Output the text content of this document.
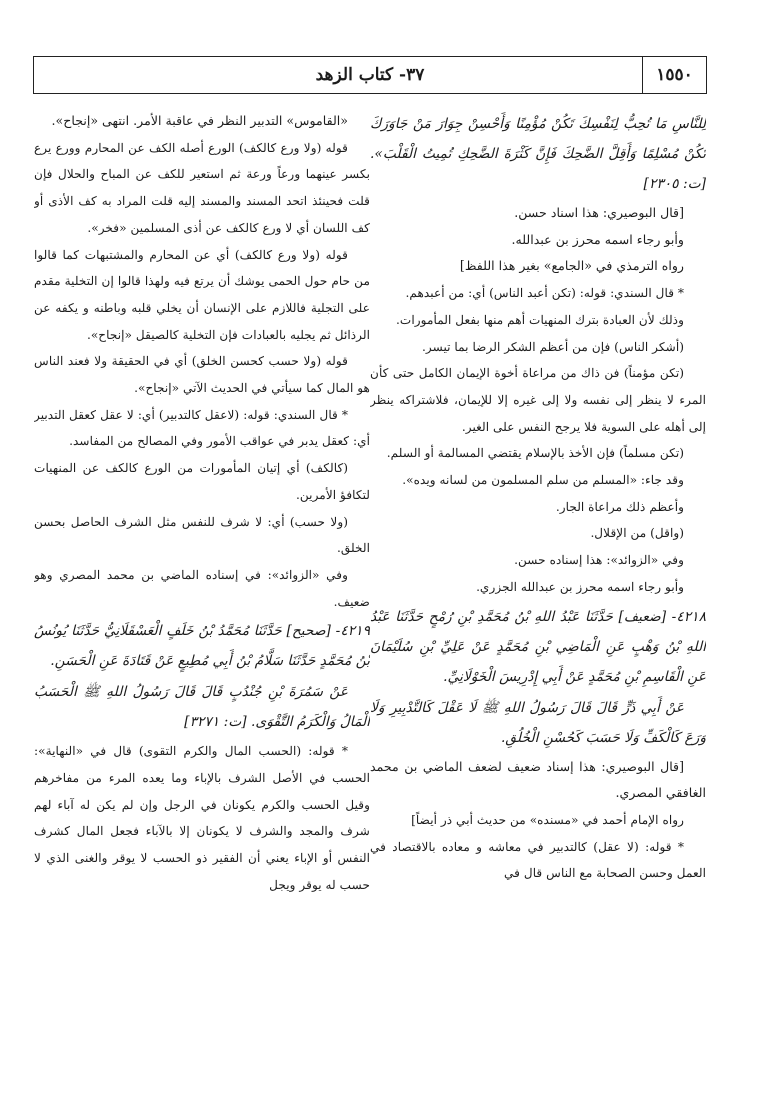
١٥٥٠
٣٧- كتاب الزهد

لِلنَّاسِ مَا تُحِبُّ لِنَفْسِكَ تَكُنْ مُؤْمِنًا وَأَحْسِنْ جِوَارَ مَنْ جَاوَرَكَ تَكُنْ مُسْلِمًا وَأَقِلَّ الضَّحِكَ فَإِنَّ كَثْرَةَ الضَّحِكِ تُمِيتُ الْقَلْبَ». [ت: ٢٣٠٥]

[قال البوصيري: هذا اسناد حسن.

وأبو رجاء اسمه محرز بن عبدالله.

رواه الترمذي في «الجامع» بغير هذا اللفظ]

* قال السندي: قوله: (تكن أعبد الناس) أي: من أعبدهم.

وذلك لأن العبادة بترك المنهيات أهم منها بفعل المأمورات.

(أشكر الناس) فإن من أعظم الشكر الرضا بما تيسر.

(تكن مؤمناً) فن ذاك من مراعاة أخوة الإيمان الكامل حتى كأن المرء لا ينظر إلى نفسه ولا إلى غيره إلا للإيمان، فلاشتراكه ينظر إلى أهله على السوية فلا يرجح النفس على الغير.

(تكن مسلماً) فإن الأخذ بالإسلام يقتضي المسالمة أو السلم.

وقد جاء: «المسلم من سلم المسلمون من لسانه ويده».

وأعظم ذلك مراعاة الجار.

(واقل) من الإقلال.

وفي «الزوائد»: هذا إسناده حسن.

وأبو رجاء اسمه محرز بن عبدالله الجزري.

٤٢١٨- [ضعيف] حَدَّثَنَا عَبْدُ اللهِ بْنُ مُحَمَّدِ بْنِ رُمْحٍ حَدَّثَنَا عَبْدُ اللهِ بْنُ وَهْبٍ عَنِ الْمَاضِي بْنِ مُحَمَّدٍ عَنْ عَلِيِّ بْنِ سُلَيْمَانَ عَنِ الْقَاسِمِ بْنِ مُحَمَّدٍ عَنْ أَبِي إِدْرِيسَ الْخَوْلَانِيِّ.

عَنْ أَبِي ذَرٍّ قَالَ قَالَ رَسُولُ اللهِ ﷺ لَا عَقْلَ كَالتَّدْبِيرِ وَلَا وَرَعَ كَالْكَفِّ وَلَا حَسَبَ كَحُسْنِ الْخُلُقِ.

[قال البوصيري: هذا إسناد ضعيف لضعف الماضي بن محمد الغافقي المصري.

رواه الإمام أحمد في «مسنده» من حديث أبي ذر أيضاً]

* قوله: (لا عقل) كالتدبير في معاشه و معاده بالاقتصاد في العمل وحسن الصحابة مع الناس قال في

«القاموس» التدبير النظر في عاقبة الأمر. انتهى «إنجاح».

قوله (ولا ورع كالكف) الورع أصله الكف عن المحارم وورع يرع بكسر عينهما ورعاً ورعة ثم استعير للكف عن المباح والحلال فإن قلت فحينئذ اتحد المسند والمسند إليه قلت المراد به كف الأذى أو كف اللسان أي لا ورع كالكف عن أذى المسلمين «فخر».

قوله (ولا ورع كالكف) أي عن المحارم والمشتبهات كما قالوا من حام حول الحمى يوشك أن يرتع فيه ولهذا قالوا إن التخلية مقدم على التجلية فاللازم على الإنسان أن يخلي قلبه وباطنه و يكفه عن الرذائل ثم يجليه بالعبادات فإن التخلية كالصيقل «إنجاح».

قوله (ولا حسب كحسن الخلق) أي في الحقيقة ولا فعند الناس هو المال كما سيأتي في الحديث الآتي «إنجاح».

* قال السندي: قوله: (لاعقل كالتدبير) أي: لا عقل كعقل التدبير أي: كعقل يدبر في عواقب الأمور وفي المصالح من المفاسد.

(كالكف) أي إتيان المأمورات من الورع كالكف عن المنهيات لتكافؤ الأمرين.

(ولا حسب) أي: لا شرف للنفس مثل الشرف الحاصل بحسن الخلق.

وفي «الزوائد»: في إسناده الماضي بن محمد المصري وهو ضعيف.

٤٢١٩- [صحيح] حَدَّثَنَا مُحَمَّدُ بْنُ خَلَفٍ الْعَسْقَلَانِيُّ حَدَّثَنَا يُونُسُ بْنُ مُحَمَّدٍ حَدَّثَنَا سَلَّامُ بْنُ أَبِي مُطِيعٍ عَنْ قَتَادَةَ عَنِ الْحَسَنِ.

عَنْ سَمُرَةَ بْنِ جُنْدُبٍ قَالَ قَالَ رَسُولُ اللهِ ﷺ الْحَسَبُ الْمَالُ وَالْكَرَمُ التَّقْوَى. [ت: ٣٢٧١]

* قوله: (الحسب المال والكرم التقوى) قال في «النهاية»: الحسب في الأصل الشرف بالإباء وما يعده المرء من مفاخرهم وقيل الحسب والكرم يكونان في الرجل وإن لم يكن له آباء لهم شرف والمجد والشرف لا يكونان إلا بالآباء فجعل المال كشرف النفس أو الإباء يعني أن الفقير ذو الحسب لا يوقر والغنى الذي لا حسب له يوقر ويجل
